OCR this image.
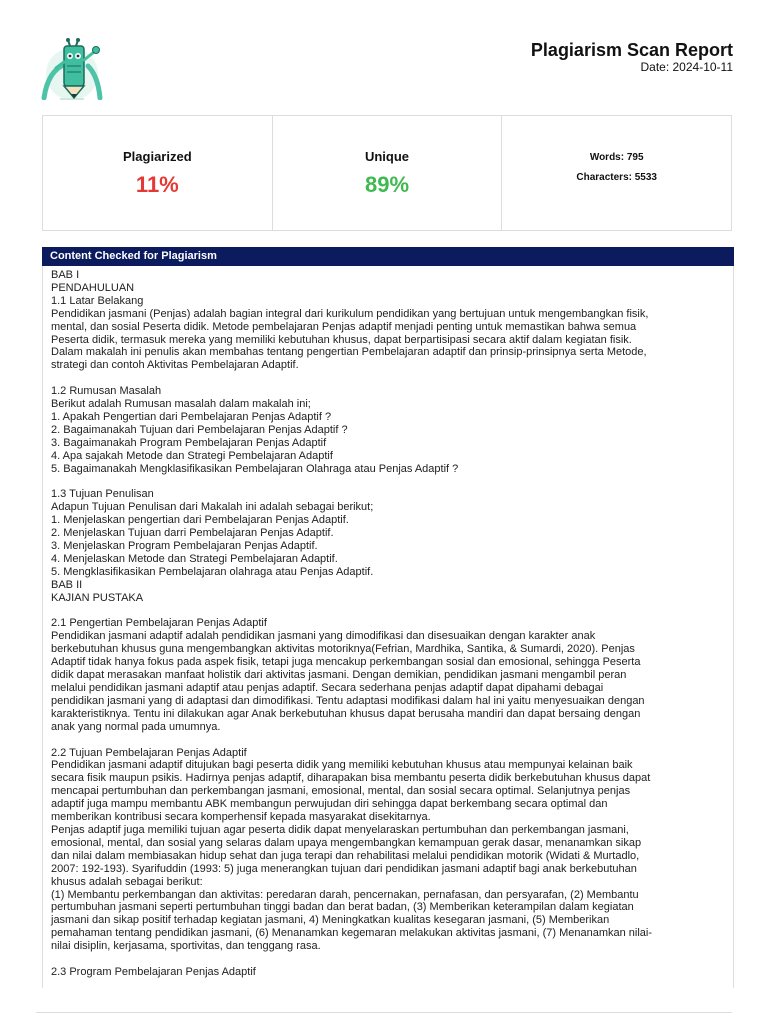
Plagiarism Scan Report
Date: 2024-10-11
Plagiarized
11%
Unique
89%
Words: 795
Characters: 5533
Content Checked for Plagiarism
BAB I
PENDAHULUAN
1.1 Latar Belakang
Pendidikan jasmani (Penjas) adalah bagian integral dari kurikulum pendidikan yang bertujuan untuk mengembangkan fisik,
mental, dan sosial Peserta didik. Metode pembelajaran Penjas adaptif menjadi penting untuk memastikan bahwa semua
Peserta didik, termasuk mereka yang memiliki kebutuhan khusus, dapat berpartisipasi secara aktif dalam kegiatan fisik.
Dalam makalah ini penulis akan membahas tentang pengertian Pembelajaran adaptif dan prinsip-prinsipnya serta Metode,
strategi dan contoh Aktivitas Pembelajaran Adaptif.

1.2 Rumusan Masalah
Berikut adalah Rumusan masalah dalam makalah ini;
1. Apakah Pengertian dari Pembelajaran Penjas Adaptif ?
2. Bagaimanakah Tujuan dari Pembelajaran Penjas Adaptif ?
3. Bagaimanakah Program Pembelajaran Penjas Adaptif
4. Apa sajakah Metode dan Strategi Pembelajaran Adaptif
5. Bagaimanakah Mengklasifikasikan Pembelajaran Olahraga atau Penjas Adaptif ?

1.3 Tujuan Penulisan
Adapun Tujuan Penulisan dari Makalah ini adalah sebagai berikut;
1. Menjelaskan pengertian dari Pembelajaran Penjas Adaptif.
2. Menjelaskan Tujuan darri Pembelajaran Penjas Adaptif.
3. Menjelaskan Program Pembelajaran Penjas Adaptif.
4. Menjelaskan Metode dan Strategi Pembelajaran Adaptif.
5. Mengklasifikasikan Pembelajaran olahraga atau Penjas Adaptif.
BAB II
KAJIAN PUSTAKA

2.1 Pengertian Pembelajaran Penjas Adaptif
Pendidikan jasmani adaptif adalah pendidikan jasmani yang dimodifikasi dan disesuaikan dengan karakter anak
berkebutuhan khusus guna mengembangkan aktivitas motoriknya(Fefrian, Mardhika, Santika, & Sumardi, 2020). Penjas
Adaptif tidak hanya fokus pada aspek fisik, tetapi juga mencakup perkembangan sosial dan emosional, sehingga Peserta
didik dapat merasakan manfaat holistik dari aktivitas jasmani. Dengan demikian, pendidikan jasmani mengambil peran
melalui pendidikan jasmani adaptif atau penjas adaptif. Secara sederhana penjas adaptif dapat dipahami debagai
pendidikan jasmani yang di adaptasi dan dimodifikasi. Tentu adaptasi modifikasi dalam hal ini yaitu menyesuaikan dengan
karakteristiknya. Tentu ini dilakukan agar Anak berkebutuhan khusus dapat berusaha mandiri dan dapat bersaing dengan
anak yang normal pada umumnya.

2.2 Tujuan Pembelajaran Penjas Adaptif
Pendidikan jasmani adaptif ditujukan bagi peserta didik yang memiliki kebutuhan khusus atau mempunyai kelainan baik
secara fisik maupun psikis. Hadirnya penjas adaptif, diharapakan bisa membantu peserta didik berkebutuhan khusus dapat
mencapai pertumbuhan dan perkembangan jasmani, emosional, mental, dan sosial secara optimal. Selanjutnya penjas
adaptif juga mampu membantu ABK membangun perwujudan diri sehingga dapat berkembang secara optimal dan
memberikan kontribusi secara komperhensif kepada masyarakat disekitarnya.
Penjas adaptif juga memiliki tujuan agar peserta didik dapat menyelaraskan pertumbuhan dan perkembangan jasmani,
emosional, mental, dan sosial yang selaras dalam upaya mengembangkan kemampuan gerak dasar, menanamkan sikap
dan nilai dalam membiasakan hidup sehat dan juga terapi dan rehabilitasi melalui pendidikan motorik (Widati & Murtadlo,
2007: 192-193). Syarifuddin (1993: 5) juga menerangkan tujuan dari pendidikan jasmani adaptif bagi anak berkebutuhan
khusus adalah sebagai berikut:
(1) Membantu perkembangan dan aktivitas: peredaran darah, pencernakan, pernafasan, dan persyarafan, (2) Membantu
pertumbuhan jasmani seperti pertumbuhan tinggi badan dan berat badan, (3) Memberikan keterampilan dalam kegiatan
jasmani dan sikap positif terhadap kegiatan jasmani, 4) Meningkatkan kualitas kesegaran jasmani, (5) Memberikan
pemahaman tentang pendidikan jasmani, (6) Menanamkan kegemaran melakukan aktivitas jasmani, (7) Menanamkan nilai-
nilai disiplin, kerjasama, sportivitas, dan tenggang rasa.

2.3 Program Pembelajaran Penjas Adaptif
